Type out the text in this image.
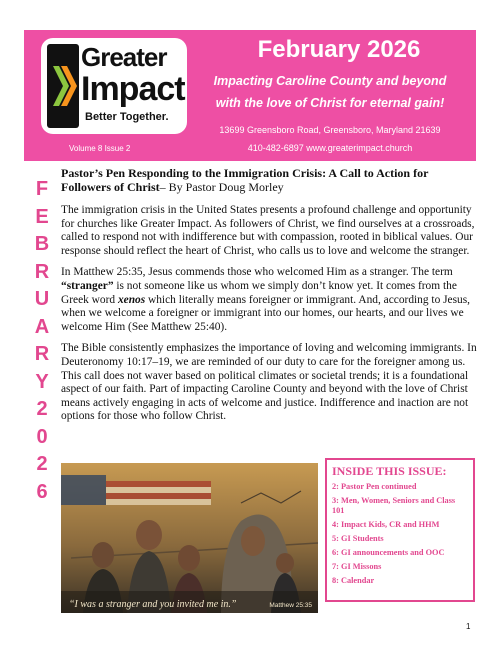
Greater
Impact
Better Together.
Volume 8 Issue 2
February 2026
Impacting Caroline County and beyond
with the love of Christ for eternal gain!
13699 Greensboro Road, Greensboro, Maryland 21639
410-482-6897 www.greaterimpact.church
F
E
B
R
U
A
R
Y
2
0
2
6
Pastor’s Pen Responding to the Immigration Crisis: A Call to Action for Followers of Christ– By Pastor Doug Morley

The immigration crisis in the United States presents a profound challenge and opportunity for churches like Greater Impact. As followers of Christ, we find ourselves at a crossroads, called to respond not with indifference but with compassion, rooted in biblical values. Our response should reflect the heart of Christ, who calls us to love and welcome the stranger.

In Matthew 25:35, Jesus commends those who welcomed Him as a stranger. The term “stranger” is not someone like us whom we simply don’t know yet. It comes from the Greek word xenos which literally means foreigner or immigrant. And, according to Jesus, when we welcome a foreigner or immigrant into our homes, our hearts, and our lives we welcome Him (See Matthew 25:40).

The Bible consistently emphasizes the importance of loving and welcoming immigrants. In Deuteronomy 10:17–19, we are reminded of our duty to care for the foreigner among us. This call does not waver based on political climates or societal trends; it is a foundational aspect of our faith. Part of impacting Caroline County and beyond with the love of Christ means actively engaging in acts of welcome and justice. Indifference and inaction are not options for those who follow Christ.

“I was a stranger and you invited me in.”	Matthew 25:35
INSIDE THIS ISSUE:
2: Pastor Pen continued
3: Men, Women, Seniors and Class 101
4: Impact Kids, CR and HHM
5: GI Students
6: GI announcements and OOC
7: GI Missons
8: Calendar
1
